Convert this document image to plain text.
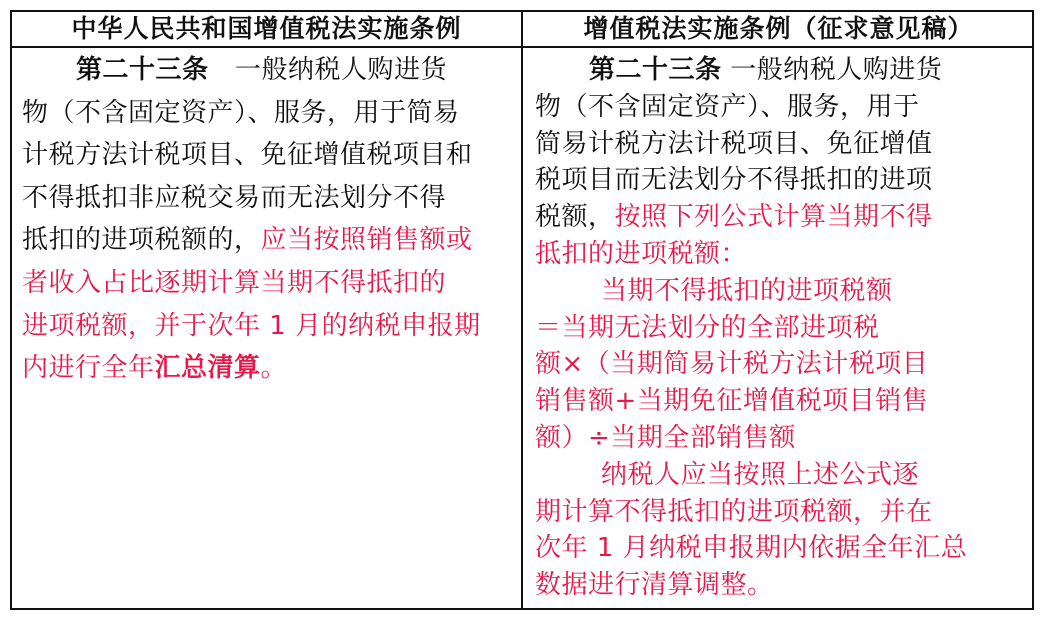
中华人民共和国增值税法实施条例	增值税法实施条例（征求意见稿）
第二十三条　一般纳税人购进货
物（不含固定资产）、服务，用于简易
计税方法计税项目、免征增值税项目和
不得抵扣非应税交易而无法划分不得
抵扣的进项税额的，应当按照销售额或
者收入占比逐期计算当期不得抵扣的
进项税额，并于次年 1 月的纳税申报期
内进行全年汇总清算。
第二十三条 一般纳税人购进货
物（不含固定资产）、服务，用于
简易计税方法计税项目、免征增值
税项目而无法划分不得抵扣的进项
税额，按照下列公式计算当期不得
抵扣的进项税额：
当期不得抵扣的进项税额
＝当期无法划分的全部进项税
额×（当期简易计税方法计税项目
销售额+当期免征增值税项目销售
额）÷当期全部销售额
纳税人应当按照上述公式逐
期计算不得抵扣的进项税额，并在
次年 1 月纳税申报期内依据全年汇总
数据进行清算调整。
